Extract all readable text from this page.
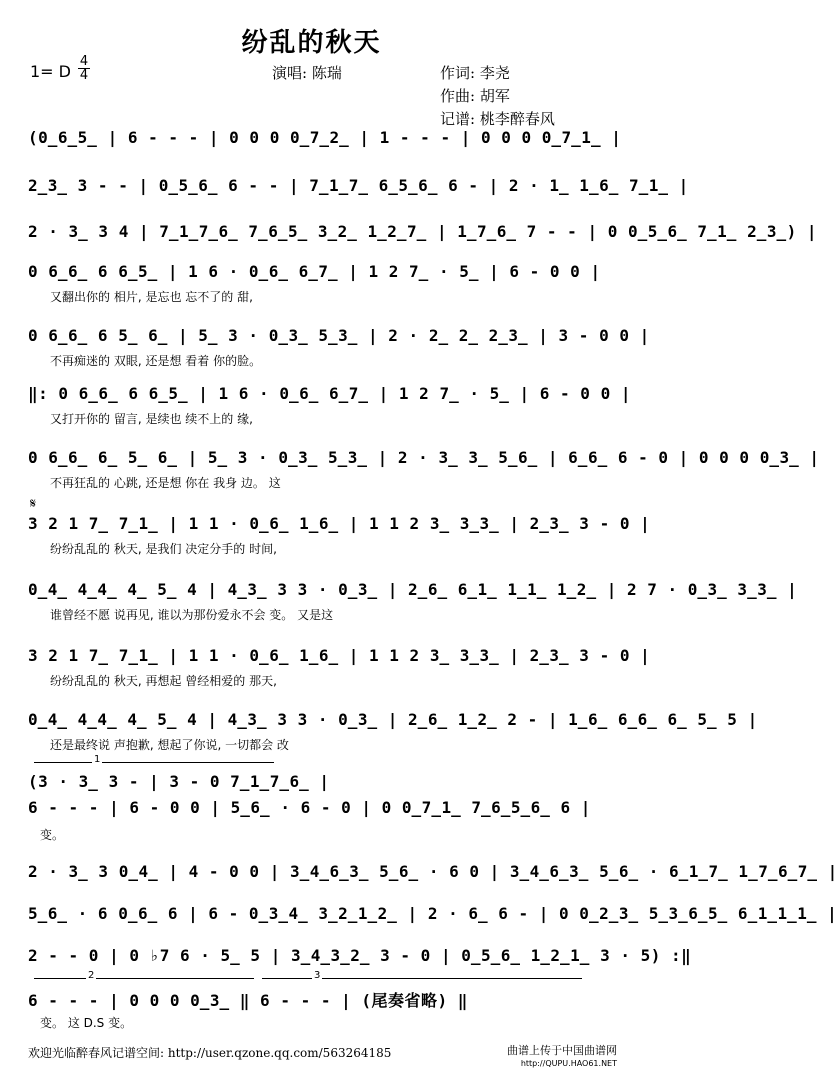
纷乱的秋天
1= D
4
4	演唱: 陈瑞	作词: 李尧
作曲: 胡军
记谱: 桃李醉春风
(0̲6̲5̲ | 6 - - - | 0 0 0 0̲7̲2̲ | 1 - - - | 0 0 0 0̲7̲1̲ |
2̲3̲ 3 - - | 0̲5̲6̲ 6 - - | 7̲1̲7̲ 6̲5̲6̲ 6 - | 2 · 1̲ 1̲6̲ 7̲1̲ |
2 · 3̲ 3 4 | 7̲1̲7̲6̲ 7̲6̲5̲ 3̲2̲ 1̲2̲7̲ | 1̲7̲6̲ 7 - - | 0 0̲5̲6̲ 7̲1̲ 2̲3̲) |
0 6̲6̲ 6 6̲5̲ | 1 6 · 0̲6̲ 6̲7̲ | 1 2 7̲ · 5̲ | 6 - 0 0 |
又翻出你的 相片, 是忘也 忘不了的 甜,
0 6̲6̲ 6 5̲ 6̲ | 5̲ 3 · 0̲3̲ 5̲3̲ | 2 · 2̲ 2̲ 2̲3̲ | 3 - 0 0 |
不再痴迷的 双眼, 还是想 看着 你的脸。
‖: 0 6̲6̲ 6 6̲5̲ | 1 6 · 0̲6̲ 6̲7̲ | 1 2 7̲ · 5̲ | 6 - 0 0 |
又打开你的 留言, 是续也 续不上的 缘,
0 6̲6̲ 6̲ 5̲ 6̲ | 5̲ 3 · 0̲3̲ 5̲3̲ | 2 · 3̲ 3̲ 5̲6̲ | 6̲6̲ 6 - 0 | 0 0 0 0̲3̲ |
不再狂乱的 心跳, 还是想 你在 我身 边。 这
𝄋
3 2 1 7̲ 7̲1̲ | 1 1 · 0̲6̲ 1̲6̲ | 1 1 2 3̲ 3̲3̲ | 2̲3̲ 3 - 0 |
纷纷乱乱的 秋天, 是我们 决定分手的 时间,
0̲4̲ 4̲4̲ 4̲ 5̲ 4 | 4̲3̲ 3 3 · 0̲3̲ | 2̲6̲ 6̲1̲ 1̲1̲ 1̲2̲ | 2 7 · 0̲3̲ 3̲3̲ |
谁曾经不愿 说再见, 谁以为那份爱永不会 变。 又是这
3 2 1 7̲ 7̲1̲ | 1 1 · 0̲6̲ 1̲6̲ | 1 1 2 3̲ 3̲3̲ | 2̲3̲ 3 - 0 |
纷纷乱乱的 秋天, 再想起 曾经相爱的 那天,
0̲4̲ 4̲4̲ 4̲ 5̲ 4 | 4̲3̲ 3 3 · 0̲3̲ | 2̲6̲ 1̲2̲ 2 - | 1̲6̲ 6̲6̲ 6̲ 5̲ 5 |
还是最终说 声抱歉, 想起了你说, 一切都会 改
1
(3 · 3̲ 3 - | 3 - 0 7̲1̲7̲6̲ |
6 - - - | 6 - 0 0 | 5̲6̲ · 6 - 0 | 0 0̲7̲1̲ 7̲6̲5̲6̲ 6 |
变。
2 · 3̲ 3 0̲4̲ | 4 - 0 0 | 3̲4̲6̲3̲ 5̲6̲ · 6 0 | 3̲4̲6̲3̲ 5̲6̲ · 6̲1̲7̲ 1̲7̲6̲7̲ |
5̲6̲ · 6 0̲6̲ 6 | 6 - 0̲3̲4̲ 3̲2̲1̲2̲ | 2 · 6̲ 6 - | 0 0̲2̲3̲ 5̲3̲6̲5̲ 6̲1̲1̲1̲ |
2 - - 0 | 0 ♭7 6 · 5̲ 5 | 3̲4̲3̲2̲ 3 - 0 | 0̲5̲6̲ 1̲2̲1̲ 3 · 5) :‖
2	3
6 - - - | 0 0 0 0̲3̲ ‖ 6 - - - | (尾奏省略) ‖
变。 这 D.S 变。
欢迎光临醉春风记谱空间: http://user.qzone.qq.com/563264185	曲谱上传于中国曲谱网
http://QUPU.HAO61.NET
